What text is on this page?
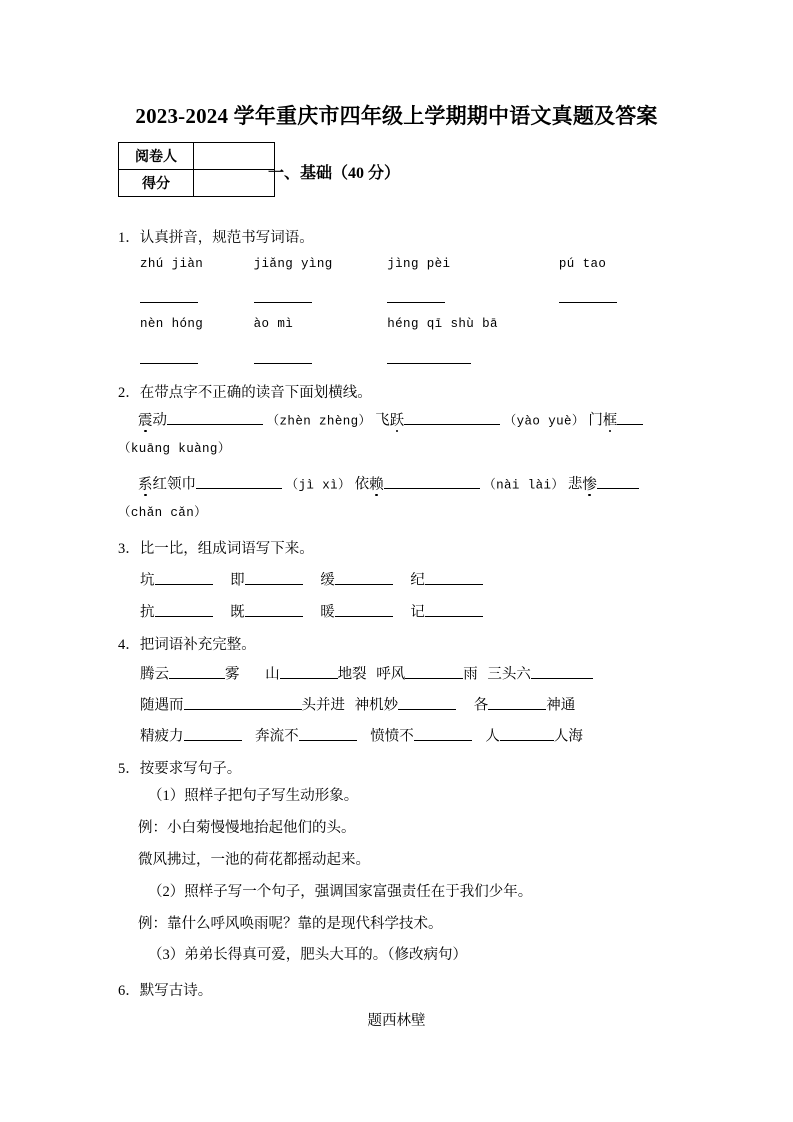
2023-2024 学年重庆市四年级上学期期中语文真题及答案
阅卷人	
得分	
一、基础（40 分）
1．认真拼音，规范书写词语。
zhú jiàn	jiǎng yìng	jìng pèi	pú tao

nèn hóng	ào mì	héng qī shù bā

2．在带点字不正确的读音下面划横线。
震动	（zhèn zhèng） 飞跃	（yào yuè） 门框
（kuāng kuàng）
系红领巾	（jì xì） 依赖	（nài lài） 悲惨
（chǎn cǎn）
3．比一比，组成词语写下来。
坑	即	缓	纪
抗	既	暖	记
4．把词语补充完整。
腾云	雾 山	地裂 呼风	雨 三头六
随遇而	头并进 神机妙	各	神通
精疲力	奔流不	愤愤不	人	人海
5．按要求写句子。
（1）照样子把句子写生动形象。
例：小白菊慢慢地抬起他们的头。
微风拂过，一池的荷花都摇动起来。
（2）照样子写一个句子，强调国家富强责任在于我们少年。
例：靠什么呼风唤雨呢？靠的是现代科学技术。
（3）弟弟长得真可爱，肥头大耳的。（修改病句）
6．默写古诗。
题西林壁
